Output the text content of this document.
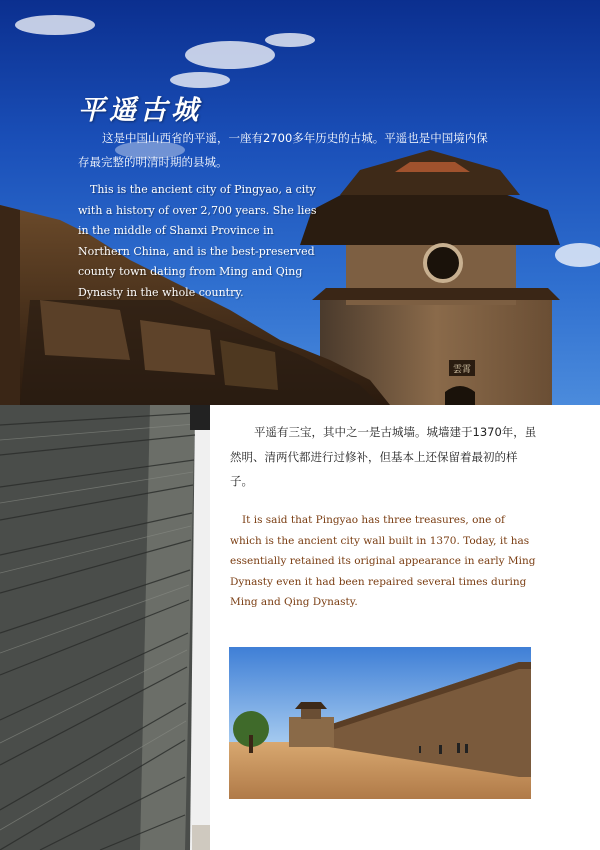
雲霄
平遥古城

这是中国山西省的平遥，一座有2700多年历史的古城。平遥也是中国境内保存最完整的明清时期的县城。

This is the ancient city of Pingyao, a city with a history of over 2,700 years. She lies in the middle of Shanxi Province in Northern China, and is the best-preserved county town dating from Ming and Qing Dynasty in the whole country.

平遥有三宝，其中之一是古城墙。城墙建于1370年，虽然明、清两代都进行过修补，但基本上还保留着最初的样子。

It is said that Pingyao has three treasures, one of which is the ancient city wall built in 1370. Today, it has essentially retained its original appearance in early Ming Dynasty even it had been repaired several times during Ming and Qing Dynasty.
